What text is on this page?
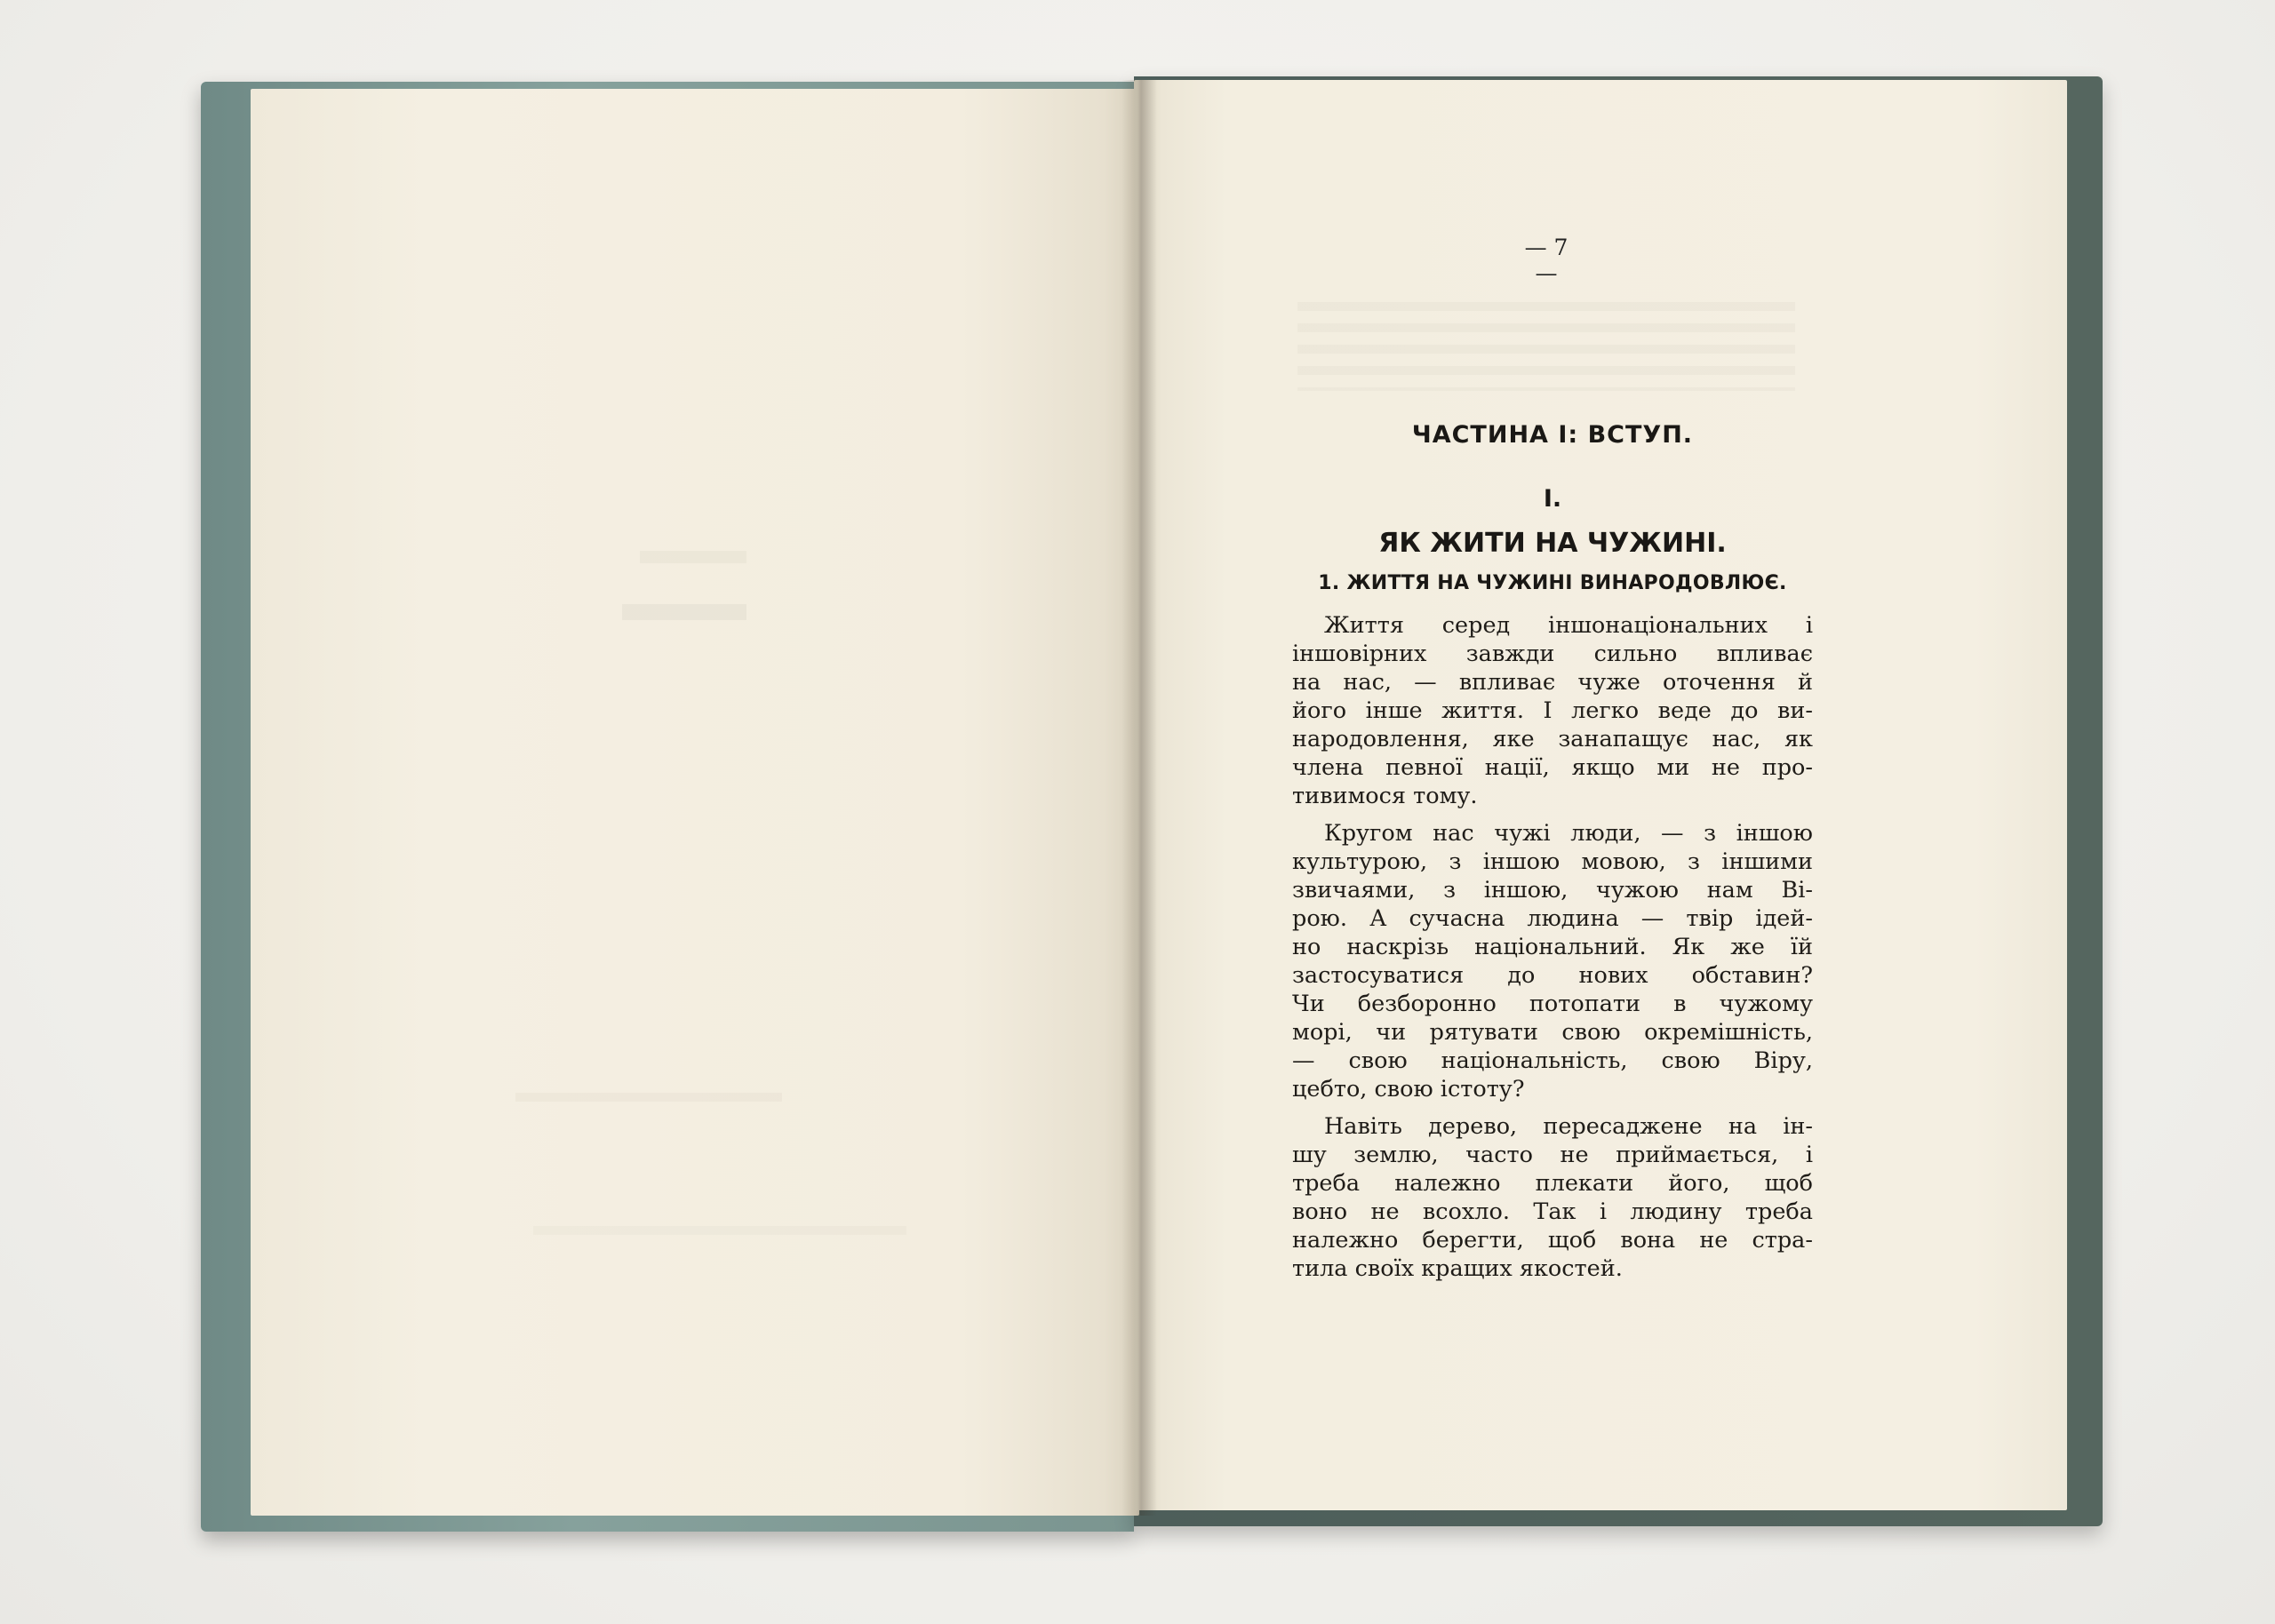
— 7 —
ЧАСТИНА І: ВСТУП.
І.
ЯК ЖИТИ НА ЧУЖИНІ.
1. ЖИТТЯ НА ЧУЖИНІ ВИНАРОДОВЛЮЄ.

Життя серед іншонаціональних і
іншовірних завжди сильно впливає
на нас, — впливає чуже оточення й
його інше життя. І легко веде до ви-
народовлення, яке занапащує нас, як
члена певної нації, якщо ми не про-
тивимося тому.

Кругом нас чужі люди, — з іншою
культурою, з іншою мовою, з іншими
звичаями, з іншою, чужою нам Ві-
рою. А сучасна людина — твір ідей-
но наскрізь національний. Як же їй
застосуватися до нових обставин?
Чи безборонно потопати в чужому
морі, чи рятувати свою окремішність,
— свою національність, свою Віру,
цебто, свою істоту?

Навіть дерево, пересаджене на ін-
шу землю, часто не приймається, і
треба належно плекати його, щоб
воно не всохло. Так і людину треба
належно берегти, щоб вона не стра-
тила своїх кращих якостей.
